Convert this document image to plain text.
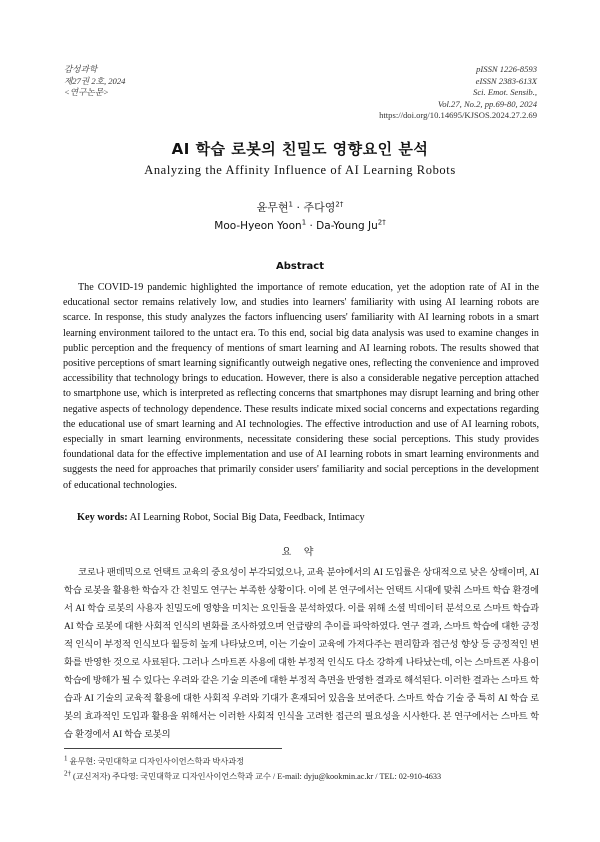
감성과학
제27권 2호, 2024
<연구논문>
pISSN 1226-8593
eISSN 2383-613X
Sci. Emot. Sensib.,
Vol.27, No.2, pp.69-80, 2024
https://doi.org/10.14695/KJSOS.2024.27.2.69
AI 학습 로봇의 친밀도 영향요인 분석
Analyzing the Affinity Influence of AI Learning Robots
윤무현$^1$ · 주다영$^{2\dagger}$
Moo-Hyeon Yoon$^1$ · Da-Young $Ju^{2\dagger}$
Abstract

The COVID-19 pandemic highlighted the importance of remote education, yet the adoption rate of AI in the educational sector remains relatively low, and studies into learners' familiarity with using AI learning robots are scarce. In response, this study analyzes the factors influencing users' familiarity with AI learning robots in a smart learning environment tailored to the untact era. To this end, social big data analysis was used to examine changes in public perception and the frequency of mentions of smart learning and AI learning robots. The results showed that positive perceptions of smart learning significantly outweigh negative ones, reflecting the convenience and improved accessibility that technology brings to education. However, there is also a considerable negative perception attached to smartphone use, which is interpreted as reflecting concerns that smartphones may disrupt learning and bring other negative aspects of technology dependence. These results indicate mixed social concerns and expectations regarding the educational use of smart learning and AI technologies. The effective introduction and use of AI learning robots, especially in smart learning environments, necessitate considering these social perceptions. This study provides foundational data for the effective implementation and use of AI learning robots in smart learning environments and suggests the need for approaches that primarily consider users' familiarity and social perceptions in the development of educational technologies.

Key words: AI Learning Robot, Social Big Data, Feedback, Intimacy
요 약

코로나 팬데믹으로 언택트 교육의 중요성이 부각되었으나, 교육 분야에서의 AI 도입률은 상대적으로 낮은 상태이며, AI 학습 로봇을 활용한 학습자 간 친밀도 연구는 부족한 상황이다. 이에 본 연구에서는 언택트 시대에 맞춰 스마트 학습 환경에서 AI 학습 로봇의 사용자 친밀도에 영향을 미치는 요인들을 분석하였다. 이를 위해 소셜 빅데이터 분석으로 스마트 학습과 AI 학습 로봇에 대한 사회적 인식의 변화를 조사하였으며 언급량의 추이를 파악하였다. 연구 결과, 스마트 학습에 대한 긍정적 인식이 부정적 인식보다 월등히 높게 나타났으며, 이는 기술이 교육에 가져다주는 편리함과 접근성 향상 등 긍정적인 변화를 반영한 것으로 사료된다. 그러나 스마트폰 사용에 대한 부정적 인식도 다소 강하게 나타났는데, 이는 스마트폰 사용이 학습에 방해가 될 수 있다는 우려와 같은 기술 의존에 대한 부정적 측면을 반영한 결과로 해석된다. 이러한 결과는 스마트 학습과 AI 기술의 교육적 활용에 대한 사회적 우려와 기대가 혼재되어 있음을 보여준다. 스마트 학습 기술 중 특히 AI 학습 로봇의 효과적인 도입과 활용을 위해서는 이러한 사회적 인식을 고려한 접근의 필요성을 시사한다. 본 연구에서는 스마트 학습 환경에서 AI 학습 로봇의

$^1$ 윤무현: 국민대학교 디자인사이언스학과 박사과정
$^{2\dagger}$ (교신저자) 주다영: 국민대학교 디자인사이언스학과 교수 / E-mail: dyju@kookmin.ac.kr / TEL: 02-910-4633
